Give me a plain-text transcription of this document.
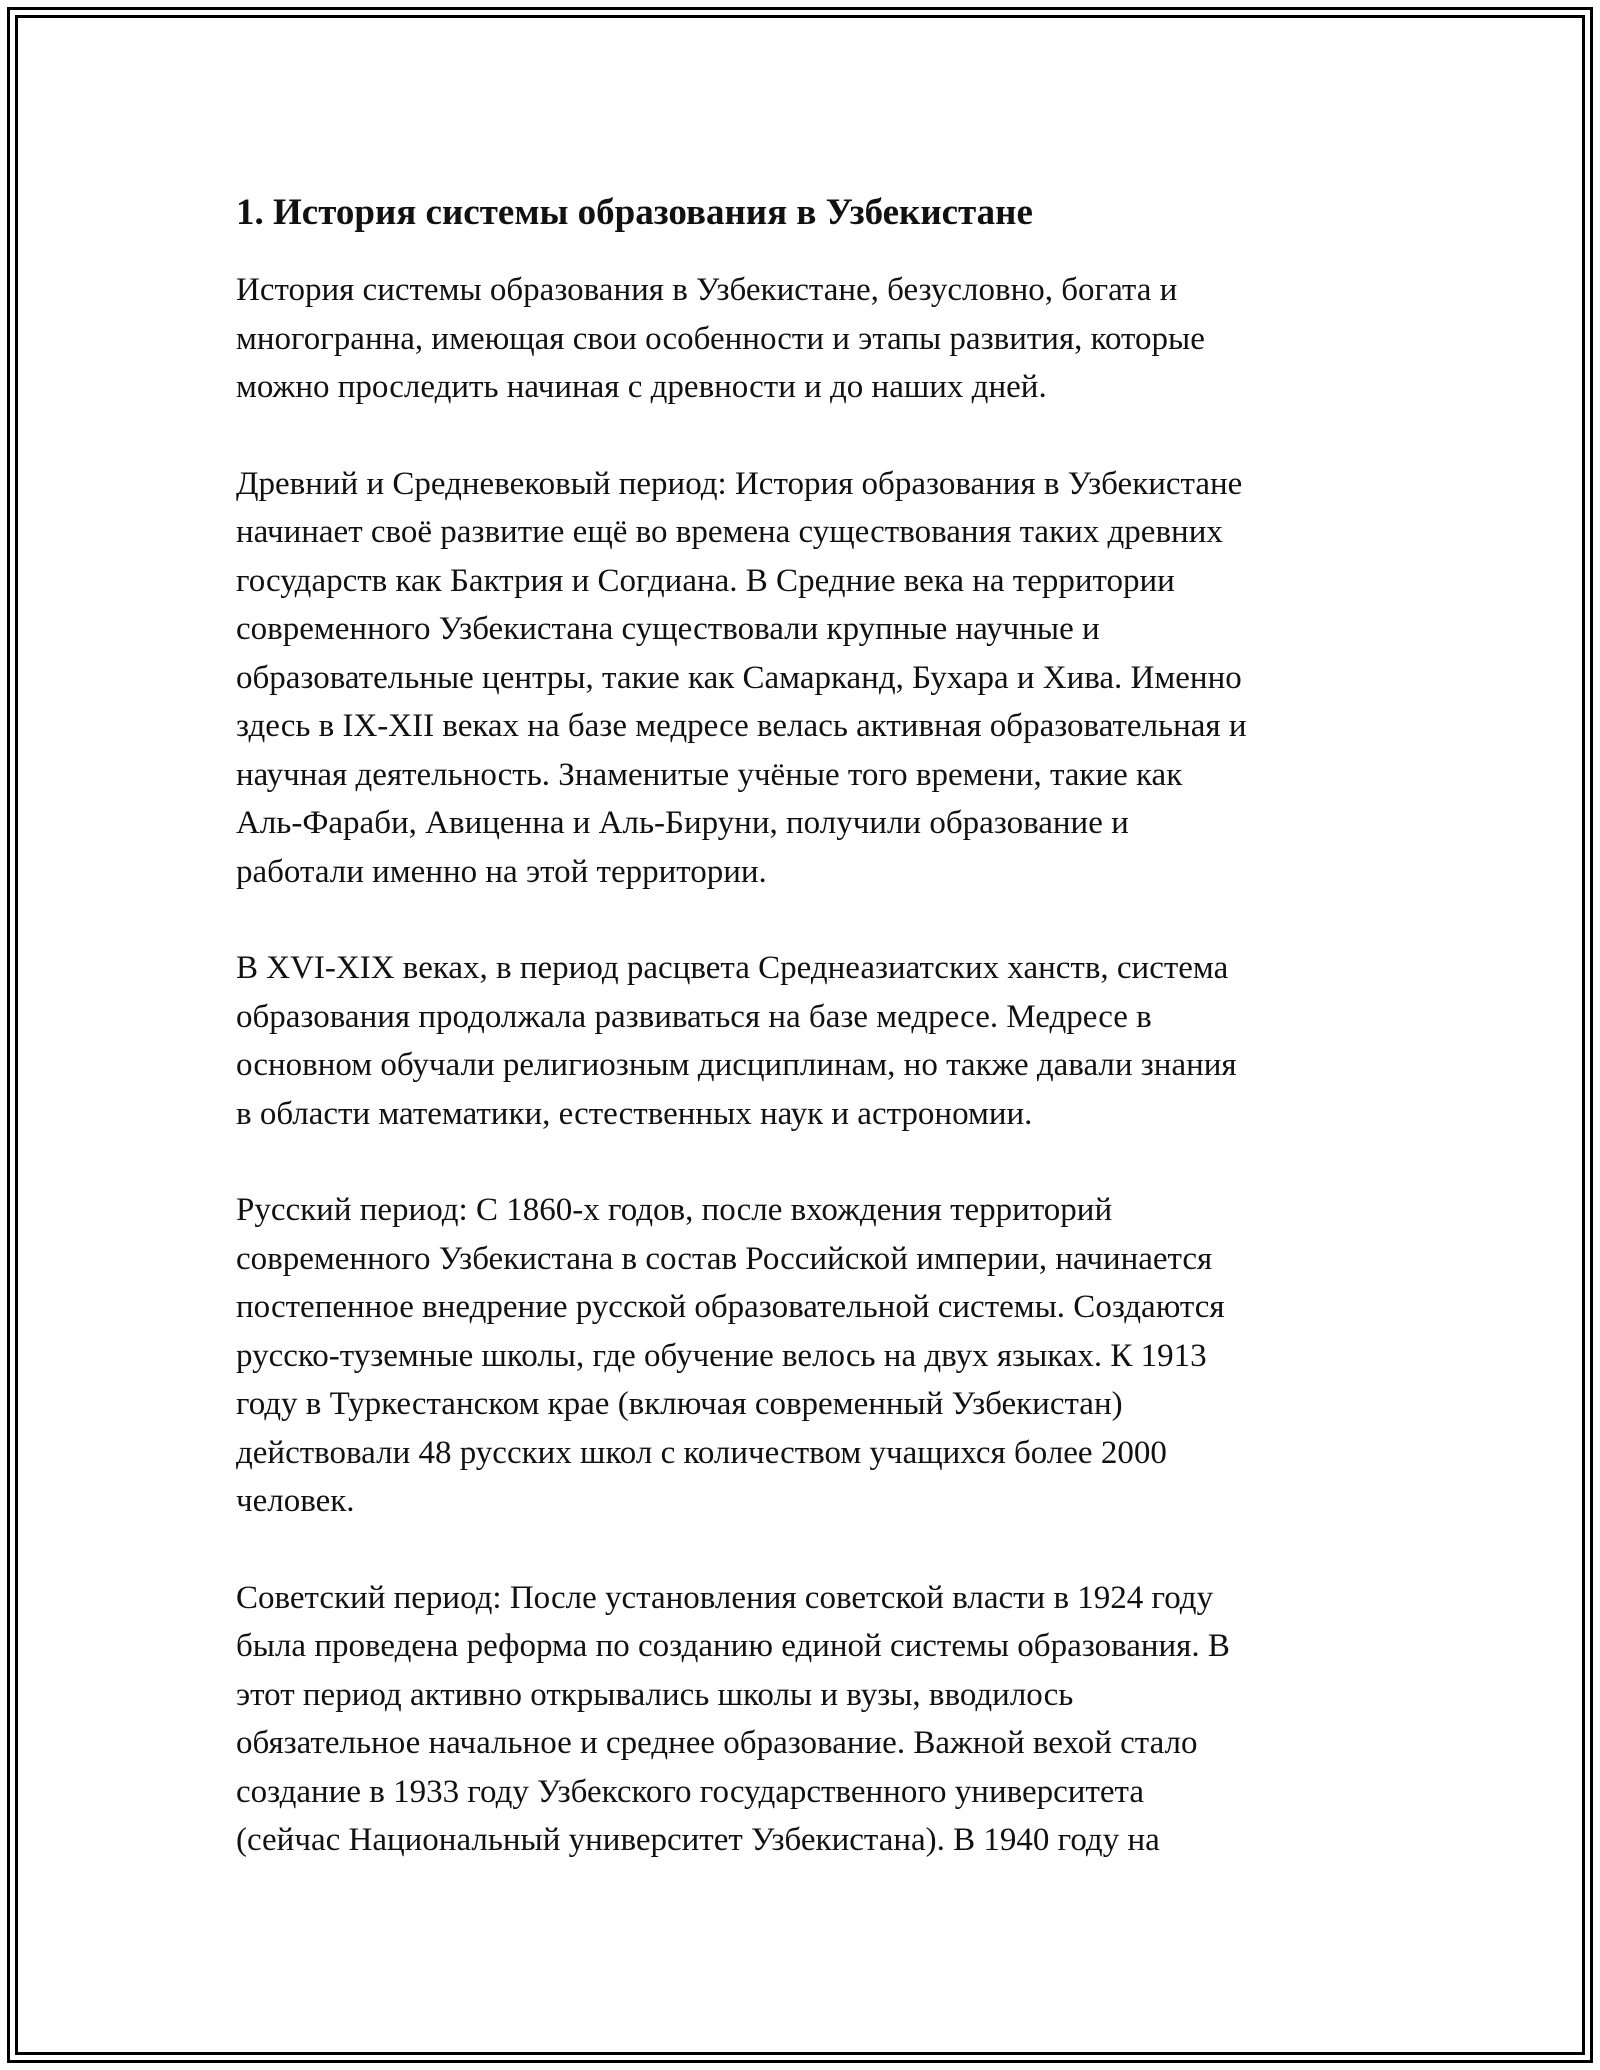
1. История системы образования в Узбекистане
История системы образования в Узбекистане, безусловно, богата и
многогранна, имеющая свои особенности и этапы развития, которые
можно проследить начиная с древности и до наших дней.
Древний и Средневековый период: История образования в Узбекистане
начинает своё развитие ещё во времена существования таких древних
государств как Бактрия и Согдиана. В Средние века на территории
современного Узбекистана существовали крупные научные и
образовательные центры, такие как Самарканд, Бухара и Хива. Именно
здесь в IX-XII веках на базе медресе велась активная образовательная и
научная деятельность. Знаменитые учёные того времени, такие как
Аль-Фараби, Авиценна и Аль-Бируни, получили образование и
работали именно на этой территории.
В XVI-XIX веках, в период расцвета Среднеазиатских ханств, система
образования продолжала развиваться на базе медресе. Медресе в
основном обучали религиозным дисциплинам, но также давали знания
в области математики, естественных наук и астрономии.
Русский период: С 1860-х годов, после вхождения территорий
современного Узбекистана в состав Российской империи, начинается
постепенное внедрение русской образовательной системы. Создаются
русско-туземные школы, где обучение велось на двух языках. К 1913
году в Туркестанском крае (включая современный Узбекистан)
действовали 48 русских школ с количеством учащихся более 2000
человек.
Советский период: После установления советской власти в 1924 году
была проведена реформа по созданию единой системы образования. В
этот период активно открывались школы и вузы, вводилось
обязательное начальное и среднее образование. Важной вехой стало
создание в 1933 году Узбекского государственного университета
(сейчас Национальный университет Узбекистана). В 1940 году на
